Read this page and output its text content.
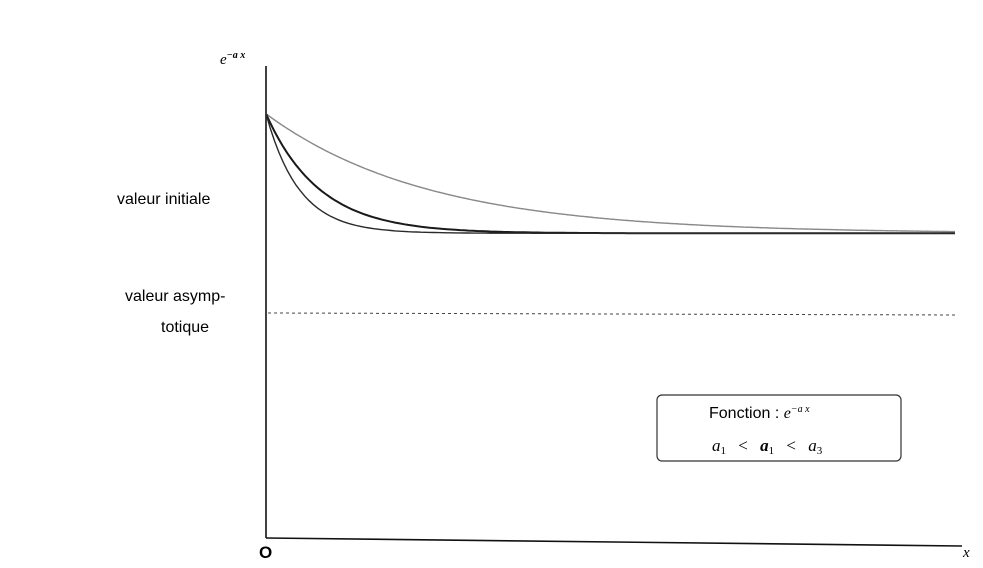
$e^{-a x}$
x
O
valeur initiale
valeur asymp-
totique
Fonction : $e^{-a x}$
a1 < a1 < a3
